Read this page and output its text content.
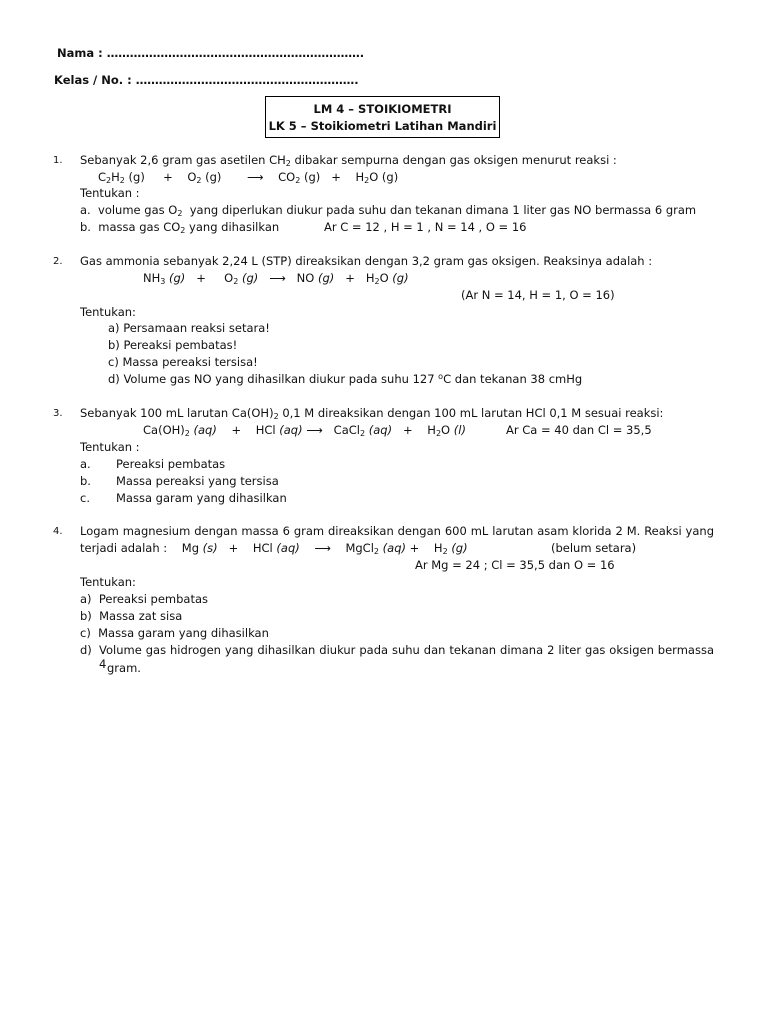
Nama : ………………………………………………………….
Kelas / No. : ………………………………………………….
LM 4 – STOIKIOMETRI
LK 5 – Stoikiometri Latihan Mandiri
1. Sebanyak 2,6 gram gas asetilen $CH_2$ dibakar sempurna dengan gas oksigen menurut reaksi :
$C_2H_2$ (g)     +    $O_2$ (g)       ⟶    $CO_2$ (g)   +    $H_2O$ (g)
Tentukan :
a. volume gas $O_2$ yang diperlukan diukur pada suhu dan tekanan dimana 1 liter gas NO bermassa 6 gram
b. massa gas $CO_2$ yang dihasilkan	Ar C = 12 , H = 1 , N = 14 , O = 16
2. Gas ammonia sebanyak 2,24 L (STP) direaksikan dengan 3,2 gram gas oksigen. Reaksinya adalah :
$NH_3$ (g)   +     $O_2$ (g)   ⟶   NO $(g) + H_2O$ (g)
(Ar N = 14, H = 1, O = 16)
Tentukan:
a) Persamaan reaksi setara!
b) Pereaksi pembatas!
c) Massa pereaksi tersisa!
d) Volume gas NO yang dihasilkan diukur pada suhu 127 $^o$C dan tekanan 38 cmHg
3. Sebanyak 100 mL larutan $Ca(OH)_2$ 0,1 M direaksikan dengan 100 mL larutan HCl 0,1 M sesuai reaksi:
$Ca(OH)_2$ (aq)    +    HCl (aq) ⟶   CaCl$_2$ (aq)   +    $H_2O$ (l)	Ar Ca = 40 dan Cl = 35,5
Tentukan :
a. Pereaksi pembatas
b. Massa pereaksi yang tersisa
c. Massa garam yang dihasilkan
4. Logam magnesium dengan massa 6 gram direaksikan dengan 600 mL larutan asam klorida 2 M. Reaksi yang
terjadi adalah :    Mg (s)   +    HCl (aq)    ⟶    MgCl$_2$ (aq) +    $H_2$ (g)	(belum setara)
Ar Mg = 24 ; Cl = 35,5 dan O = 16
Tentukan:
a) Pereaksi pembatas
b) Massa zat sisa
c) Massa garam yang dihasilkan
d) Volume gas hidrogen yang dihasilkan diukur pada suhu dan tekanan dimana 2 liter gas oksigen bermassa 4 gram.
